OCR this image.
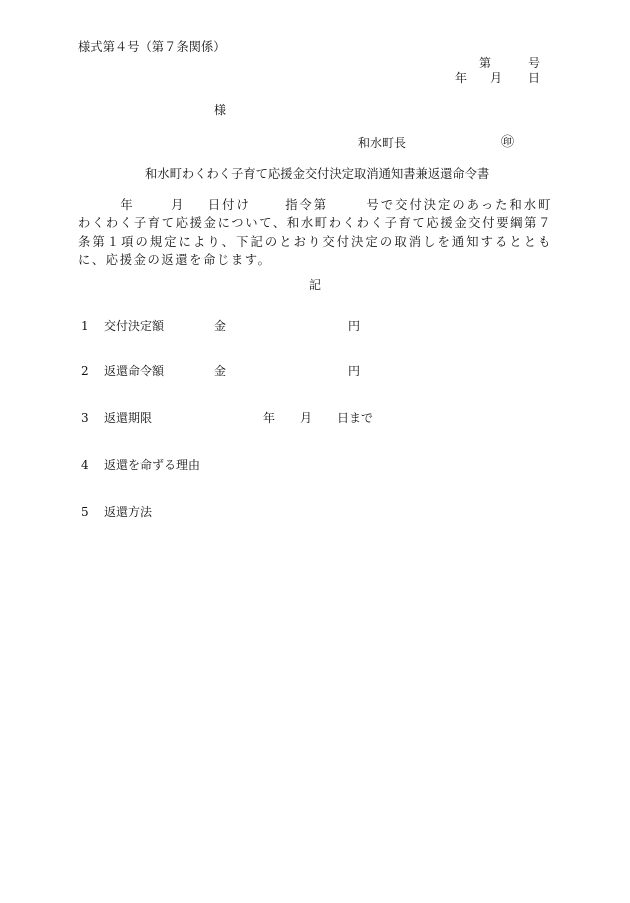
様式第４号（第７条関係）
第	号
年 月 日
様
和水町長	㊞
和水町わくわく子育て応援金交付決定取消通知書兼返還命令書
年	月 日付け	指令第	号で交付決定のあった和水町わくわく子育て応援金について、和水町わくわく子育て応援金交付要綱第７条第１項の規定により、下記のとおり交付決定の取消しを通知するとともに、応援金の返還を命じます。
記
1 交付決定額	金	円
2 返還命令額	金	円
3 返還期限	年 月 日まで
4 返還を命ずる理由
5 返還方法
